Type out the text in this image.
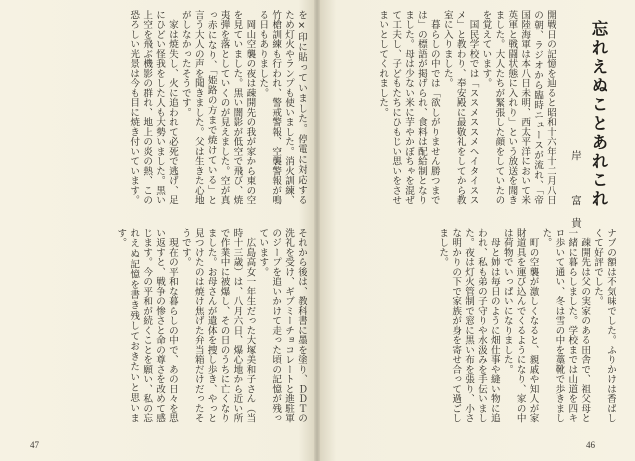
を×印に貼っていました。停電に対応するため灯火やランプも使いました。消火訓練、竹槍訓練も行われ、警戒警報、空襲警報が鳴る日もありました。
　岡山空襲の夜は疎開先の我が家から東の空を見ていました。黒い闇影が低空で飛び、焼夷弾を落としていくのが見えました。空が真っ赤になり、「姫路の方まで焼けている」と言う大人の声を聞きました。父は生きた心地がしなかったそうです。
　家は焼失し、火に追われて必死で逃げ、足にひどい怪我をした人も大勢いました。黒い上空を飛ぶ機影の群れ、地上の炎の熱、この恐ろしい光景は今も目に焼き付いています。
それから後は、教科書に墨を塗り、ＤＤＴの洗礼を受け、ギブミーチョコレートと進駐軍のジープを追いかけて走った頃の記憶が残っています。
　広島高女一年生だった大塚美和子さん（当時十三歳）は、八月六日、爆心地から近い所で作業中に被爆し、その日のうちに亡くなりました。お母さんが遺体を捜し歩き、やっと見つけたのは焼け焦げた弁当箱だけだったそうです。
　現在の平和な暮らしの中で、あの日々を思い返すと、戦争の惨さと命の尊さを改めて感じます。今の平和が続くことを願い、私の忘れえぬ記憶を書き残しておきたいと思います。
忘れえぬことあれこれ
岸　富貴
開戦日の記憶を辿ると昭和十六年十二月八日の朝、ラジオから臨時ニュースが流れ、「帝国陸海軍は本八日未明、西太平洋において米英軍と戦闘状態に入れり」という放送を聞きました。大人たちが緊張した顔をしていたのを覚えています。
　国民学校では「ススメススメヘイタイススメ」と教わり、奉安殿に最敬礼をしてから教室に入りました。
　暮らしの中では「欲しがりません勝つまでは」の標語が掲げられ、食料は配給制となりました。母は少ない米に芋やかぼちゃを混ぜて工夫し、子どもたちにひもじい思いをさせまいとしてくれました。
ナブの額は不気味でした。ふりかけは香ばしくて好評でした。
　疎開先は父の実家のある田舎で、祖父母と一緒に暮らしました。学校までは山道を四キロ歩いて通い、冬は雪の中を藁靴で歩きました。
　町の空襲が激しくなると、親戚や知人が家財道具を運び込んでくるようになり、家の中は荷物でいっぱいになりました。
　母と姉は毎日のように畑仕事や縫い物に追われ、私も弟の子守りや水汲みを手伝いました。夜は灯火管制で窓に黒い布を張り、小さな明かりの下で家族が身を寄せ合って過ごしました。
47	46
